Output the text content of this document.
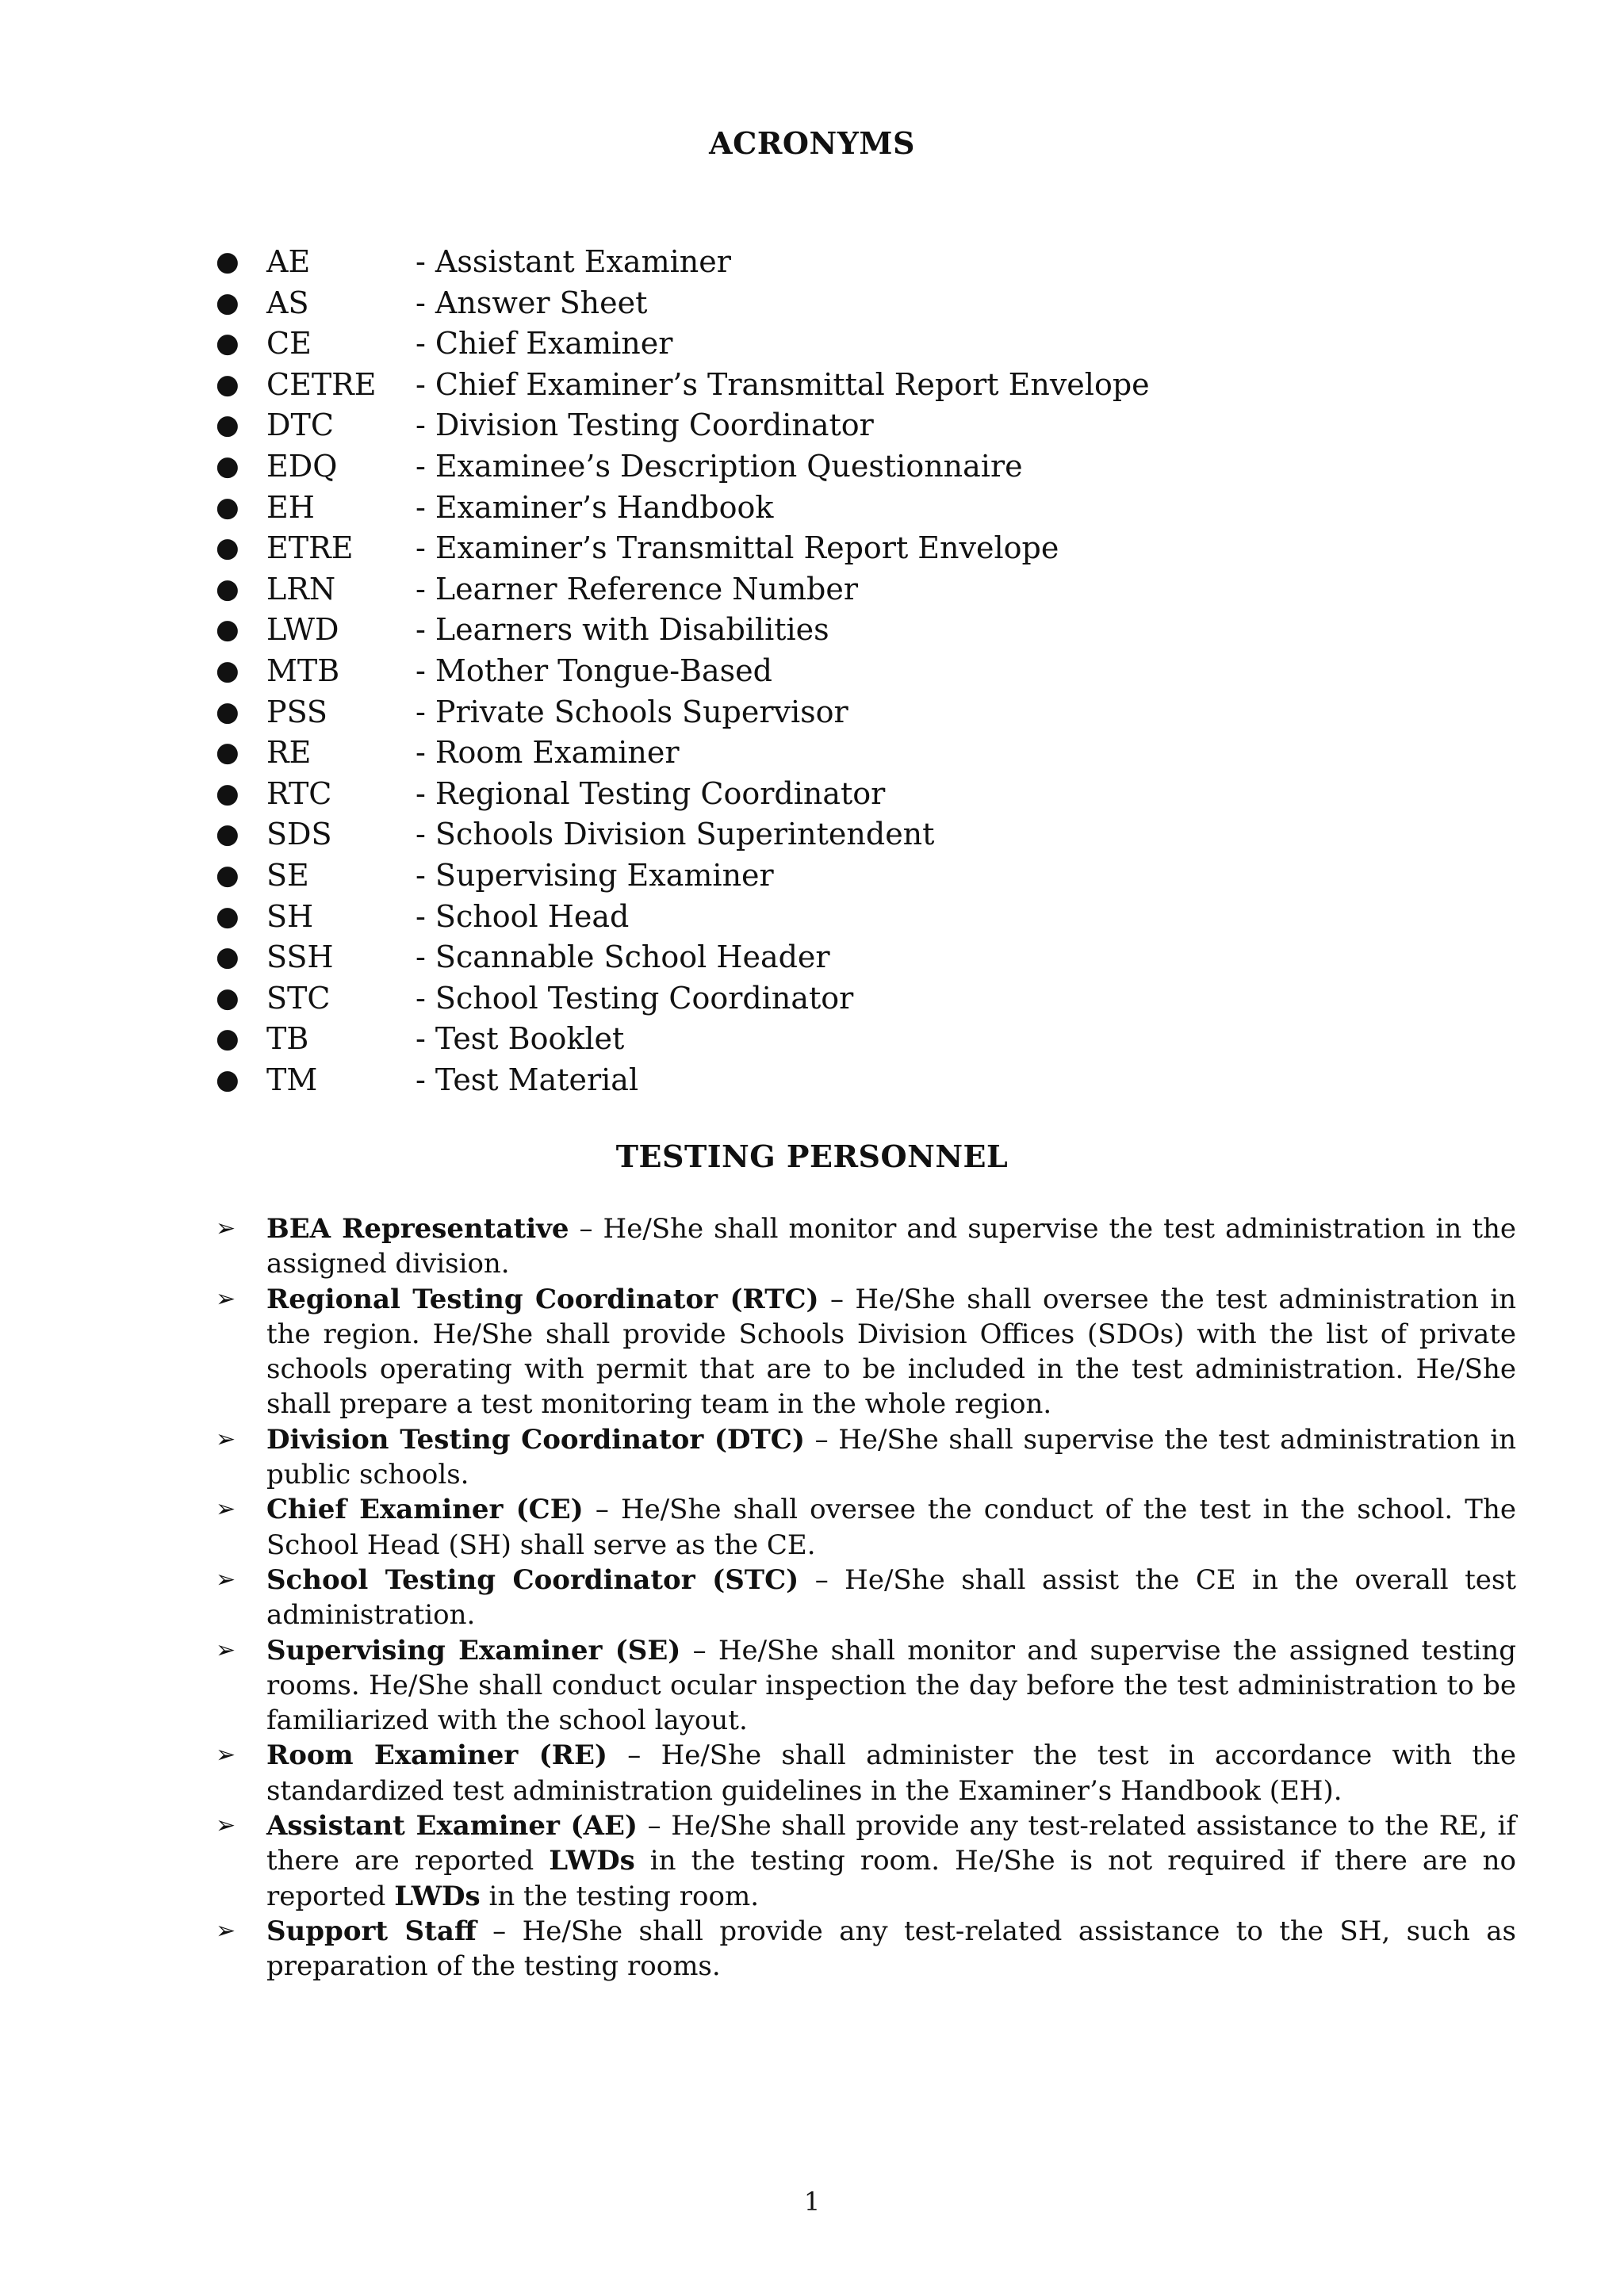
ACRONYMS
● AE	- Assistant Examiner
● AS	- Answer Sheet
● CE	- Chief Examiner
● CETRE - Chief Examiner’s Transmittal Report Envelope
● DTC	- Division Testing Coordinator
● EDQ	- Examinee’s Description Questionnaire
● EH	- Examiner’s Handbook
● ETRE - Examiner’s Transmittal Report Envelope
● LRN	- Learner Reference Number
● LWD	- Learners with Disabilities
● MTB	- Mother Tongue-Based
● PSS	- Private Schools Supervisor
● RE	- Room Examiner
● RTC	- Regional Testing Coordinator
● SDS	- Schools Division Superintendent
● SE	- Supervising Examiner
● SH	- School Head
● SSH	- Scannable School Header
● STC	- School Testing Coordinator
● TB	- Test Booklet
● TM	- Test Material
TESTING PERSONNEL
➢ BEA Representative – He/She shall monitor and supervise the test administration in the assigned division.
➢ Regional Testing Coordinator (RTC) – He/She shall oversee the test administration in the region. He/She shall provide Schools Division Offices (SDOs) with the list of private schools operating with permit that are to be included in the test administration. He/She shall prepare a test monitoring team in the whole region.
➢ Division Testing Coordinator (DTC) – He/She shall supervise the test administration in public schools.
➢ Chief Examiner (CE) – He/She shall oversee the conduct of the test in the school. The School Head (SH) shall serve as the CE.
➢ School Testing Coordinator (STC) – He/She shall assist the CE in the overall test administration.
➢ Supervising Examiner (SE) – He/She shall monitor and supervise the assigned testing rooms. He/She shall conduct ocular inspection the day before the test administration to be familiarized with the school layout.
➢ Room Examiner (RE) – He/She shall administer the test in accordance with the standardized test administration guidelines in the Examiner’s Handbook (EH).
➢ Assistant Examiner (AE) – He/She shall provide any test-related assistance to the RE, if there are reported LWDs in the testing room. He/She is not required if there are no reported LWDs in the testing room.
➢ Support Staff – He/She shall provide any test-related assistance to the SH, such as preparation of the testing rooms.
1
